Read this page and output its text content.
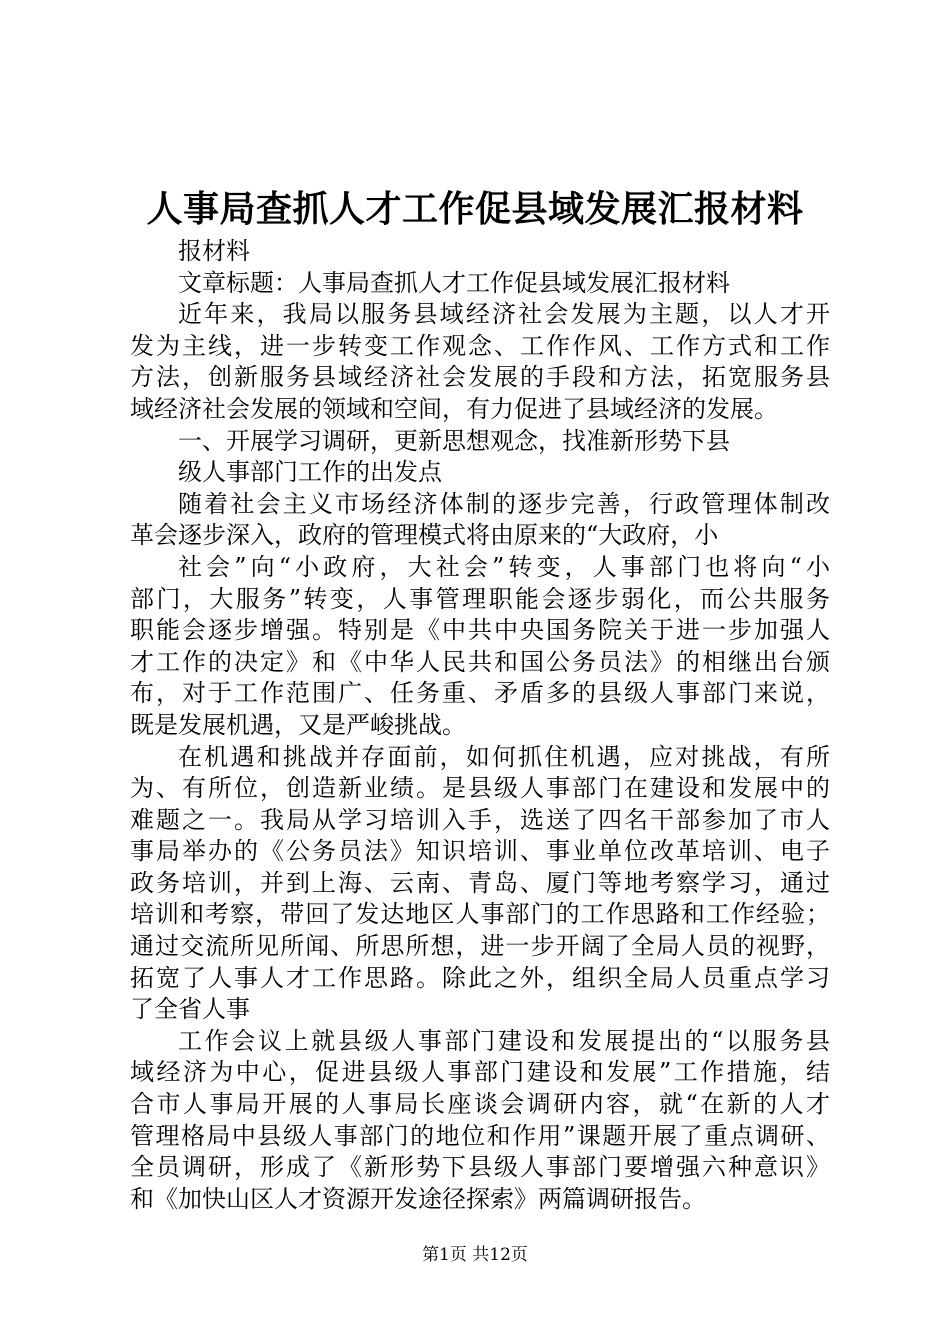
人事局查抓人才工作促县域发展汇报材料
报材料
文章标题：人事局查抓人才工作促县域发展汇报材料
近年来，我局以服务县域经济社会发展为主题，以人才开
发为主线，进一步转变工作观念、工作作风、工作方式和工作
方法，创新服务县域经济社会发展的手段和方法，拓宽服务县
域经济社会发展的领域和空间，有力促进了县域经济的发展。
一、开展学习调研，更新思想观念，找准新形势下县
级人事部门工作的出发点
随着社会主义市场经济体制的逐步完善，行政管理体制改
革会逐步深入，政府的管理模式将由原来的“大政府，小
社会”向“小政府，大社会”转变，人事部门也将向“小
部门，大服务”转变，人事管理职能会逐步弱化，而公共服务
职能会逐步增强。特别是《中共中央国务院关于进一步加强人
才工作的决定》和《中华人民共和国公务员法》的相继出台颁
布，对于工作范围广、任务重、矛盾多的县级人事部门来说，
既是发展机遇，又是严峻挑战。
在机遇和挑战并存面前，如何抓住机遇，应对挑战，有所
为、有所位，创造新业绩。是县级人事部门在建设和发展中的
难题之一。我局从学习培训入手，选送了四名干部参加了市人
事局举办的《公务员法》知识培训、事业单位改革培训、电子
政务培训，并到上海、云南、青岛、厦门等地考察学习，通过
培训和考察，带回了发达地区人事部门的工作思路和工作经验；
通过交流所见所闻、所思所想，进一步开阔了全局人员的视野，
拓宽了人事人才工作思路。除此之外，组织全局人员重点学习
了全省人事
工作会议上就县级人事部门建设和发展提出的“以服务县
域经济为中心，促进县级人事部门建设和发展”工作措施，结
合市人事局开展的人事局长座谈会调研内容，就“在新的人才
管理格局中县级人事部门的地位和作用”课题开展了重点调研、
全员调研，形成了《新形势下县级人事部门要增强六种意识》
和《加快山区人才资源开发途径探索》两篇调研报告。
第1页 共12页
